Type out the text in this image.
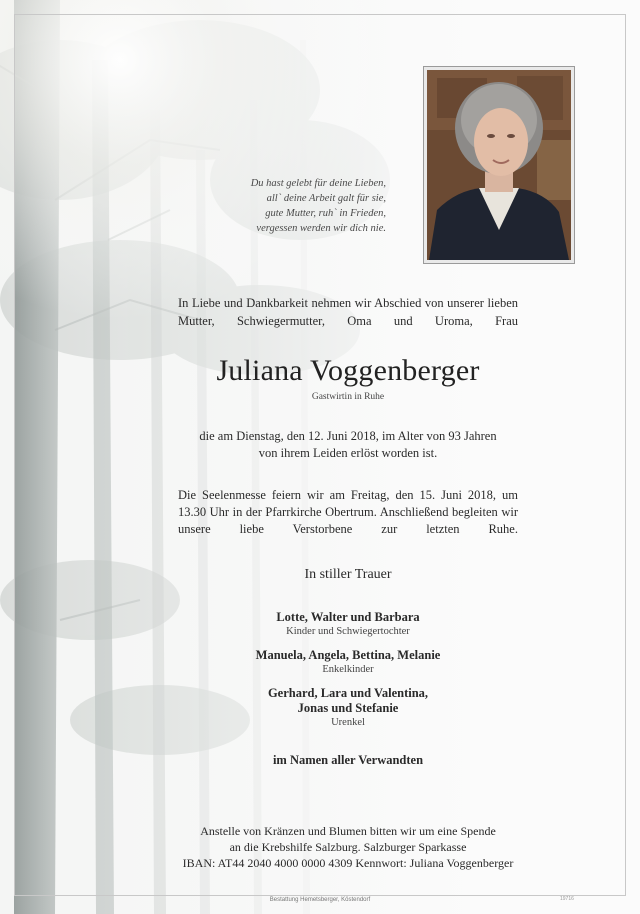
Du hast gelebt für deine Lieben,
all` deine Arbeit galt für sie,
gute Mutter, ruh` in Frieden,
vergessen werden wir dich nie.
In Liebe und Dankbarkeit nehmen wir Abschied von unserer lieben Mutter, Schwiegermutter, Oma und Uroma, Frau
Juliana Voggenberger
Gastwirtin in Ruhe
die am Dienstag, den 12. Juni 2018, im Alter von 93 Jahren
von ihrem Leiden erlöst worden ist.
Die Seelenmesse feiern wir am Freitag, den 15. Juni 2018, um 13.30 Uhr in der Pfarrkirche Obertrum. Anschließend begleiten wir unsere liebe Verstorbene zur letzten Ruhe.
In stiller Trauer
Lotte, Walter und Barbara
Kinder und Schwiegertochter
Manuela, Angela, Bettina, Melanie
Enkelkinder
Gerhard, Lara und Valentina,
Jonas und Stefanie
Urenkel
im Namen aller Verwandten
Anstelle von Kränzen und Blumen bitten wir um eine Spende
an die Krebshilfe Salzburg. Salzburger Sparkasse
IBAN: AT44 2040 4000 0000 4309 Kennwort: Juliana Voggenberger
Bestattung Hemetsberger, Köstendorf	19716
